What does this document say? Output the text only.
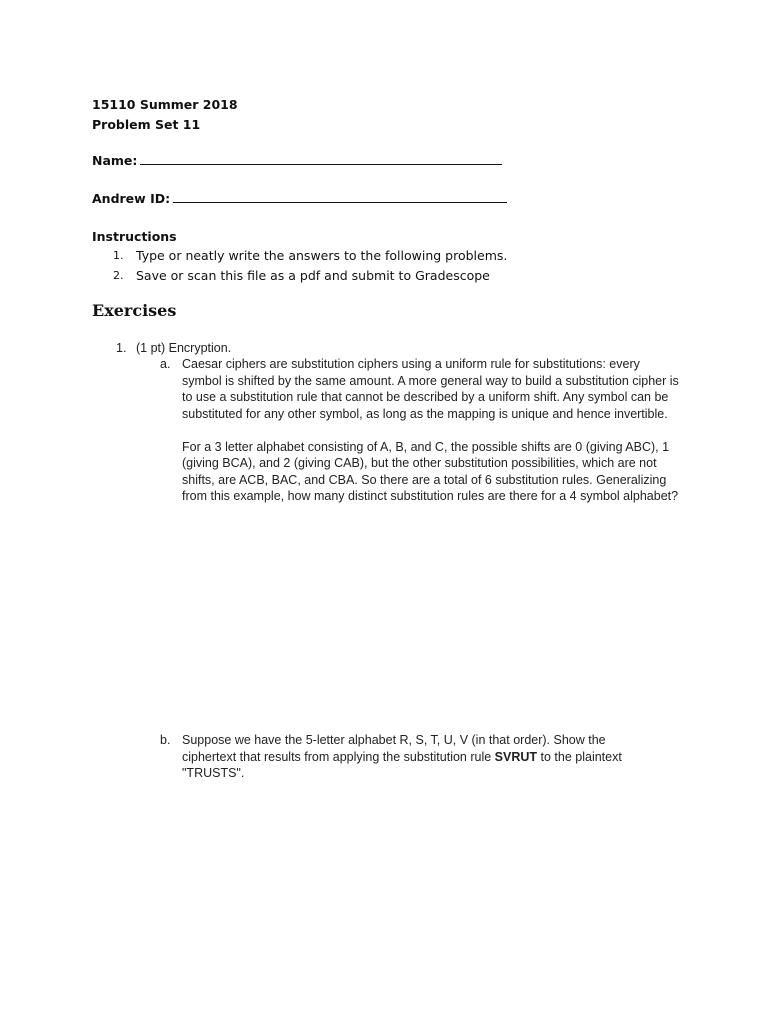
15110 Summer 2018
Problem Set 11
Name:
Andrew ID:
Instructions
1. Type or neatly write the answers to the following problems.
2. Save or scan this file as a pdf and submit to Gradescope
Exercises
1. (1 pt) Encryption.
a. Caesar ciphers are substitution ciphers using a uniform rule for substitutions: every symbol is shifted by the same amount. A more general way to build a substitution cipher is to use a substitution rule that cannot be described by a uniform shift. Any symbol can be substituted for any other symbol, as long as the mapping is unique and hence invertible.

For a 3 letter alphabet consisting of A, B, and C, the possible shifts are 0 (giving ABC), 1 (giving BCA), and 2 (giving CAB), but the other substitution possibilities, which are not shifts, are ACB, BAC, and CBA. So there are a total of 6 substitution rules. Generalizing from this example, how many distinct substitution rules are there for a 4 symbol alphabet?

b. Suppose we have the 5-letter alphabet R, S, T, U, V (in that order). Show the ciphertext that results from applying the substitution rule SVRUT to the plaintext "TRUSTS".
